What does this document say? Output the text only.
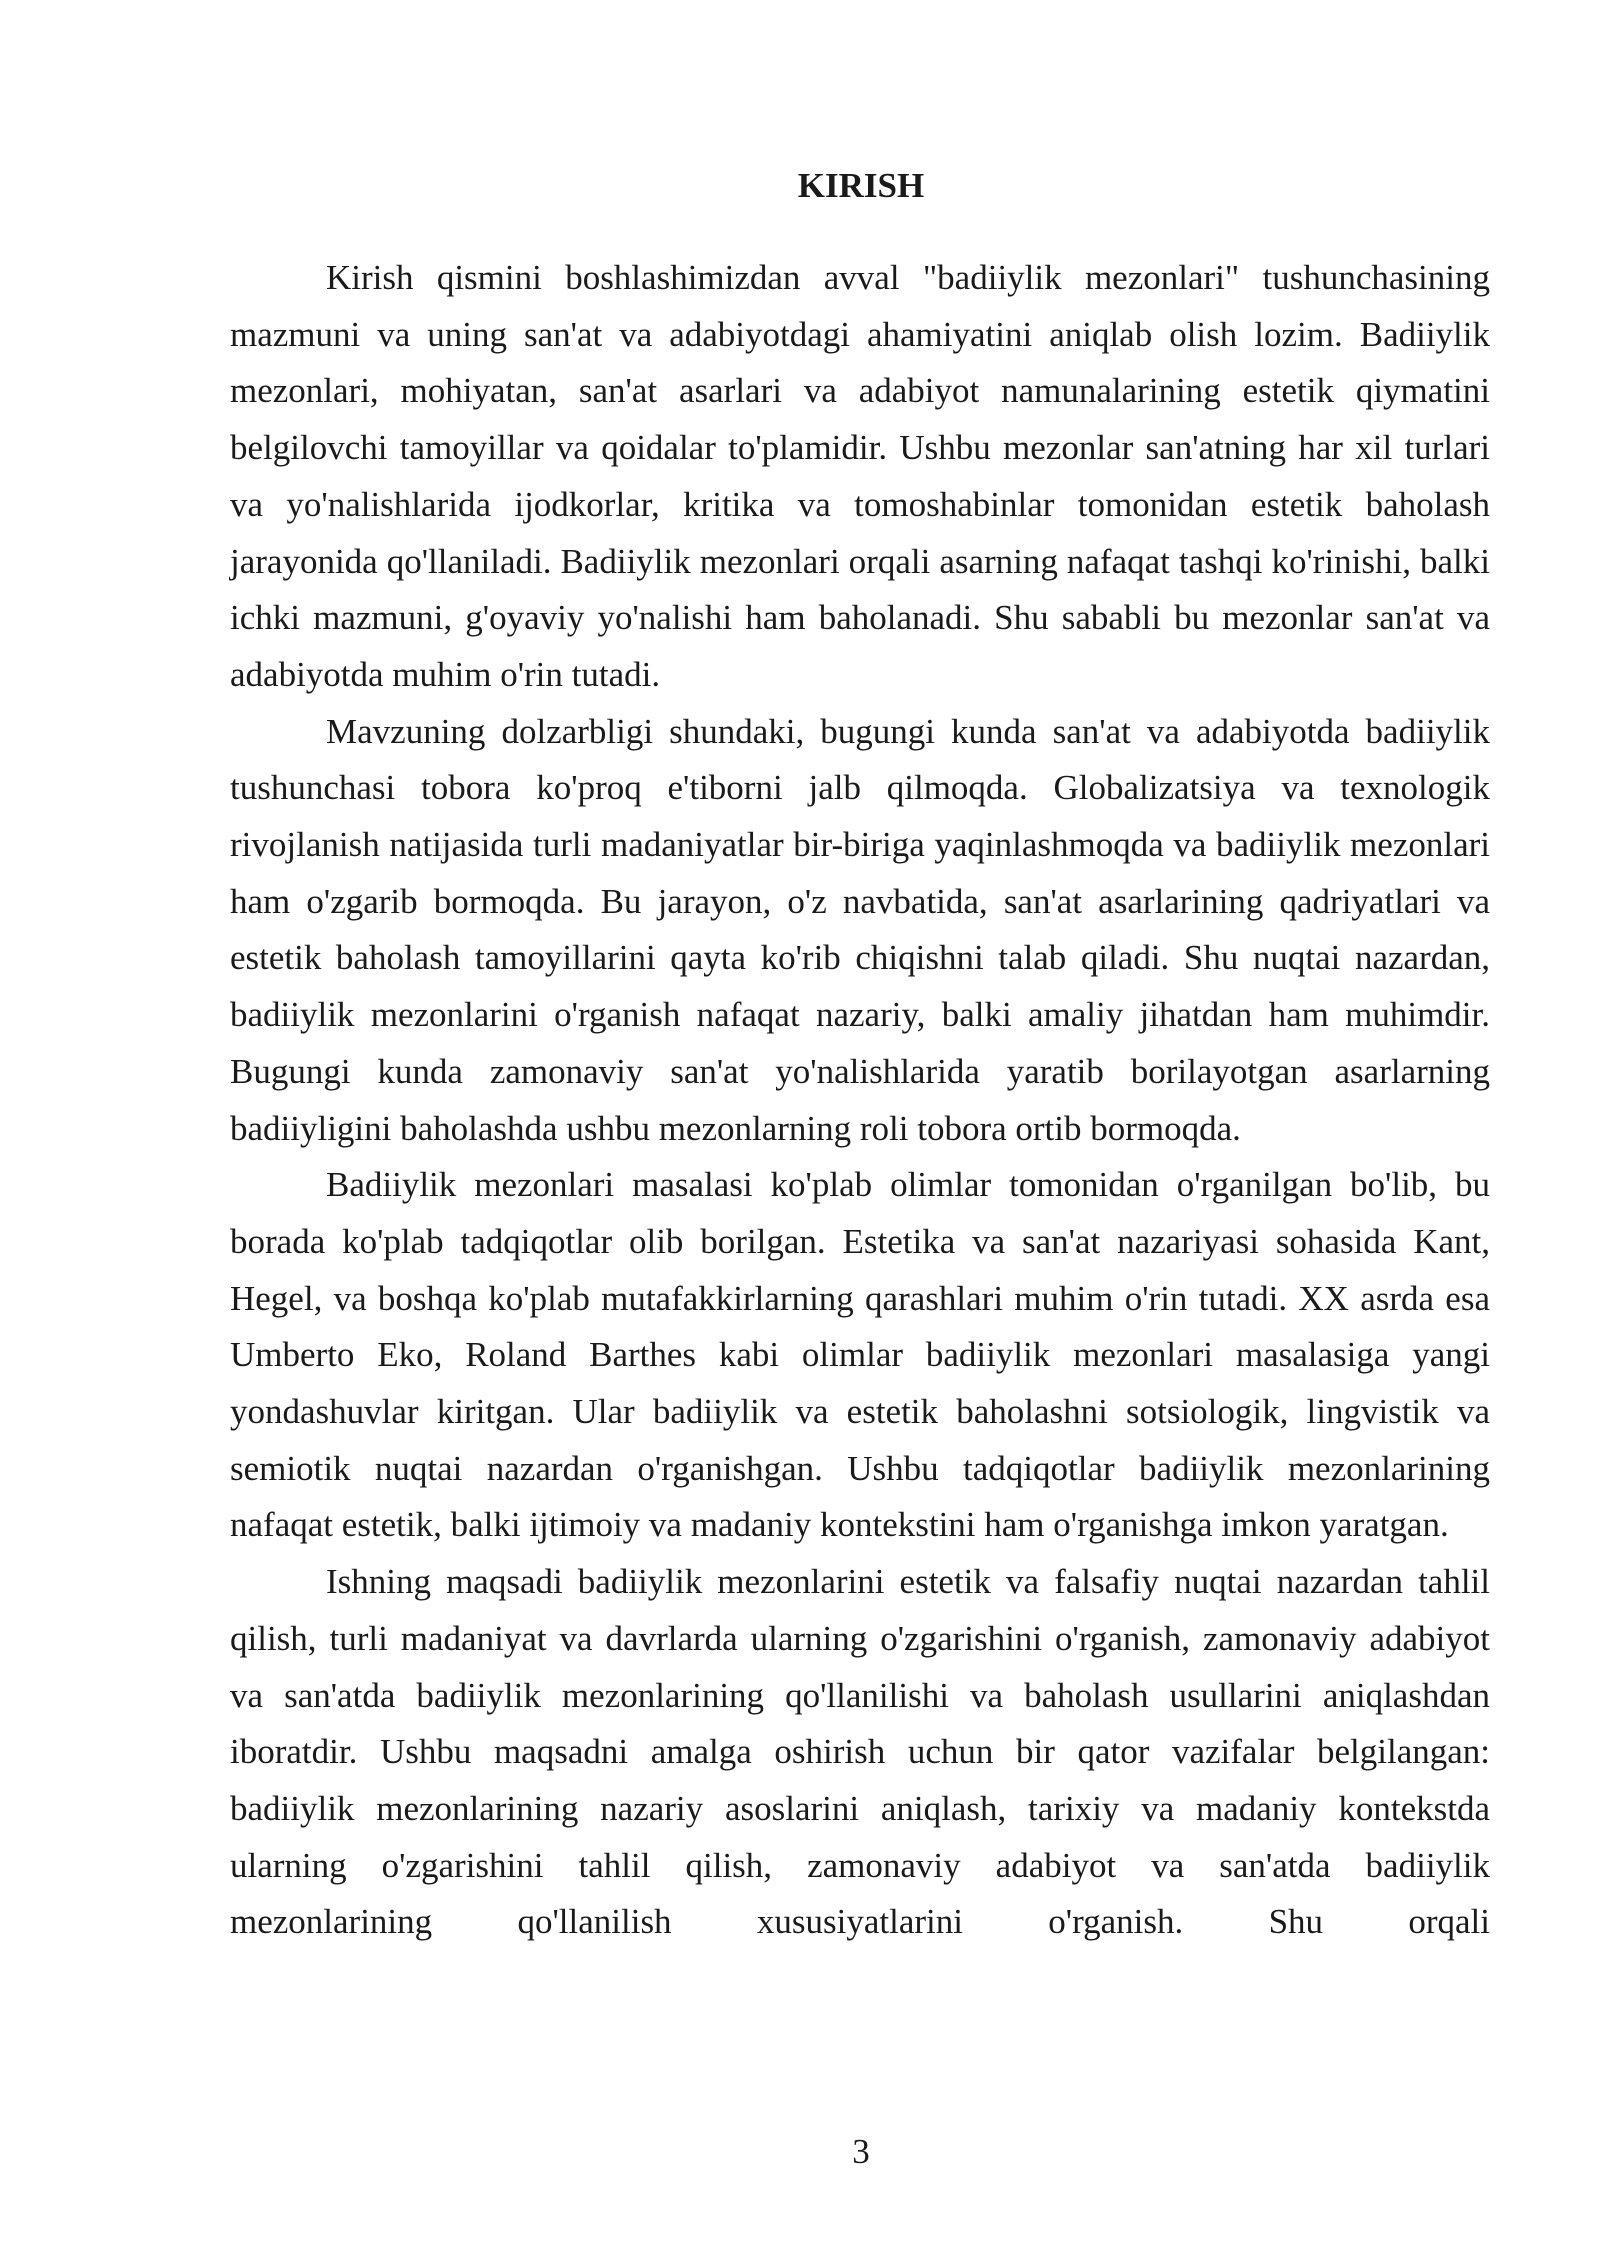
KIRISH

Kirish qismini boshlashimizdan avval "badiiylik mezonlari" tushunchasining mazmuni va uning san'at va adabiyotdagi ahamiyatini aniqlab olish lozim. Badiiylik mezonlari, mohiyatan, san'at asarlari va adabiyot namunalarining estetik qiymatini belgilovchi tamoyillar va qoidalar to'plamidir. Ushbu mezonlar san'atning har xil turlari va yo'nalishlarida ijodkorlar, kritika va tomoshabinlar tomonidan estetik baholash jarayonida qo'llaniladi. Badiiylik mezonlari orqali asarning nafaqat tashqi ko'rinishi, balki ichki mazmuni, g'oyaviy yo'nalishi ham baholanadi. Shu sababli bu mezonlar san'at va adabiyotda muhim o'rin tutadi.

Mavzuning dolzarbligi shundaki, bugungi kunda san'at va adabiyotda badiiylik tushunchasi tobora ko'proq e'tiborni jalb qilmoqda. Globalizatsiya va texnologik rivojlanish natijasida turli madaniyatlar bir-biriga yaqinlashmoqda va badiiylik mezonlari ham o'zgarib bormoqda. Bu jarayon, o'z navbatida, san'at asarlarining qadriyatlari va estetik baholash tamoyillarini qayta ko'rib chiqishni talab qiladi. Shu nuqtai nazardan, badiiylik mezonlarini o'rganish nafaqat nazariy, balki amaliy jihatdan ham muhimdir. Bugungi kunda zamonaviy san'at yo'nalishlarida yaratib borilayotgan asarlarning badiiyligini baholashda ushbu mezonlarning roli tobora ortib bormoqda.

Badiiylik mezonlari masalasi ko'plab olimlar tomonidan o'rganilgan bo'lib, bu borada ko'plab tadqiqotlar olib borilgan. Estetika va san'at nazariyasi sohasida Kant, Hegel, va boshqa ko'plab mutafakkirlarning qarashlari muhim o'rin tutadi. XX asrda esa Umberto Eko, Roland Barthes kabi olimlar badiiylik mezonlari masalasiga yangi yondashuvlar kiritgan. Ular badiiylik va estetik baholashni sotsiologik, lingvistik va semiotik nuqtai nazardan o'rganishgan. Ushbu tadqiqotlar badiiylik mezonlarining nafaqat estetik, balki ijtimoiy va madaniy kontekstini ham o'rganishga imkon yaratgan.

Ishning maqsadi badiiylik mezonlarini estetik va falsafiy nuqtai nazardan tahlil qilish, turli madaniyat va davrlarda ularning o'zgarishini o'rganish, zamonaviy adabiyot va san'atda badiiylik mezonlarining qo'llanilishi va baholash usullarini aniqlashdan iboratdir. Ushbu maqsadni amalga oshirish uchun bir qator vazifalar belgilangan: badiiylik mezonlarining nazariy asoslarini aniqlash, tarixiy va madaniy kontekstda ularning o'zgarishini tahlil qilish, zamonaviy adabiyot va san'atda badiiylik mezonlarining qo'llanilish xususiyatlarini o'rganish. Shu orqali

3
